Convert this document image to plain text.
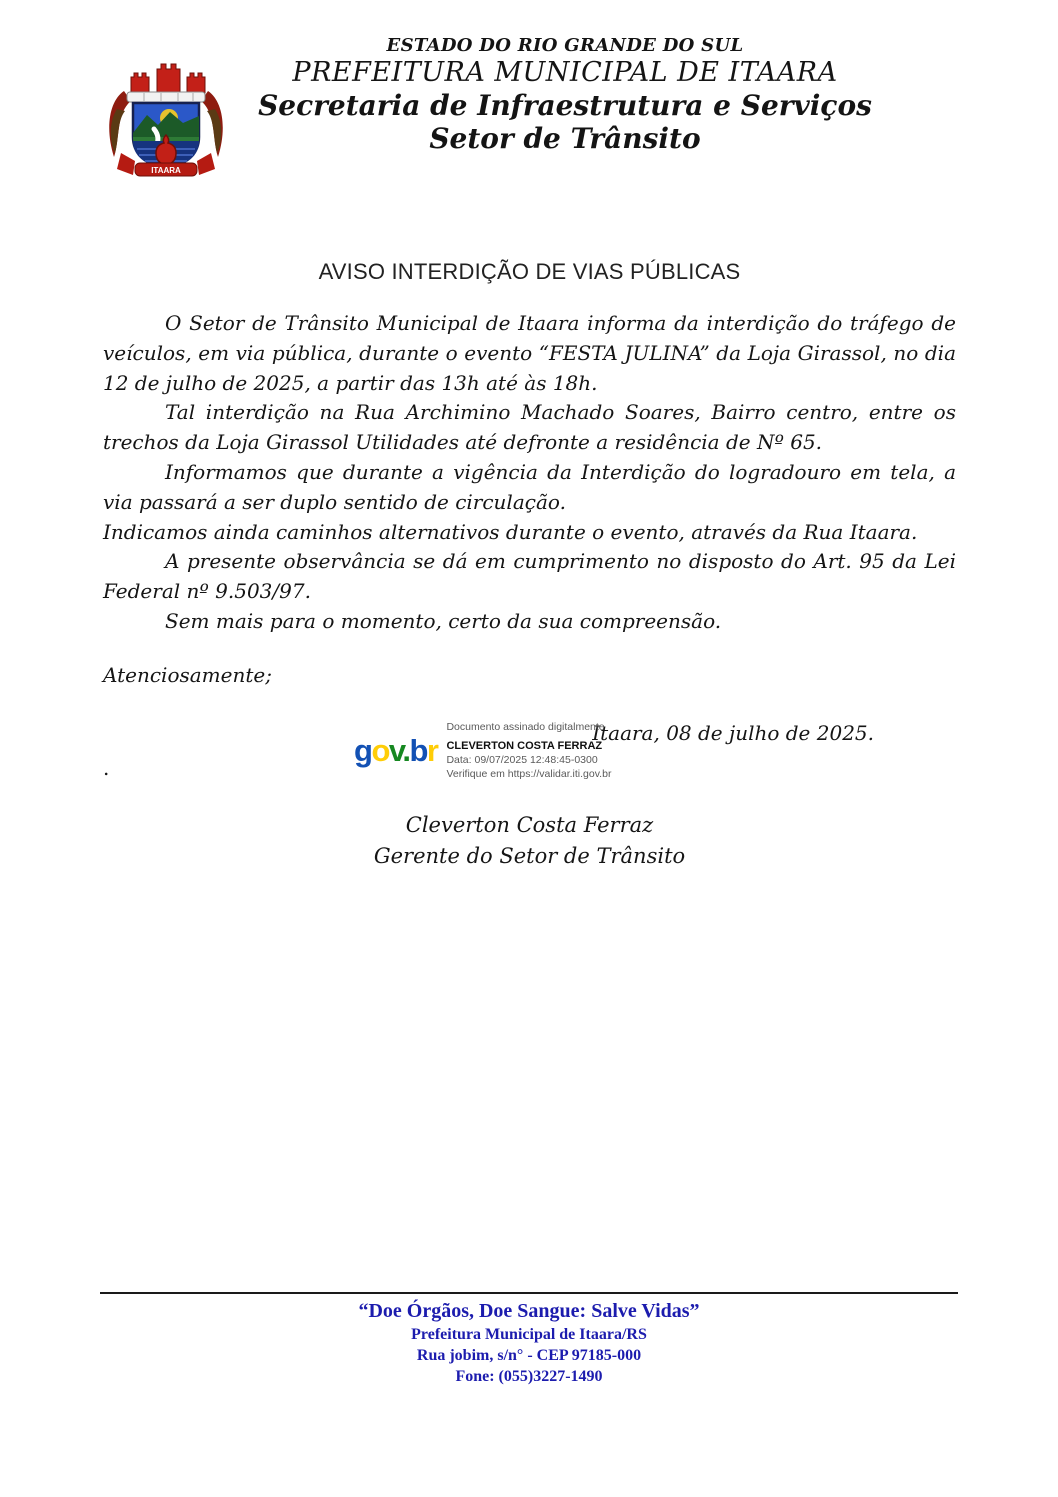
ITAARA
ESTADO DO RIO GRANDE DO SUL
PREFEITURA MUNICIPAL DE ITAARA
Secretaria de Infraestrutura e Serviços
Setor de Trânsito
AVISO INTERDIÇÃO DE VIAS PÚBLICAS

O Setor de Trânsito Municipal de Itaara informa da interdição do tráfego de veículos, em via pública, durante o evento “FESTA JULINA” da Loja Girassol, no dia 12 de julho de 2025, a partir das 13h até às 18h.

Tal interdição na Rua Archimino Machado Soares, Bairro centro, entre os trechos da Loja Girassol Utilidades até defronte a residência de Nº 65.

Informamos que durante a vigência da Interdição do logradouro em tela, a via passará a ser duplo sentido de circulação.

Indicamos ainda caminhos alternativos durante o evento, através da Rua Itaara.

A presente observância se dá em cumprimento no disposto do Art. 95 da Lei Federal nº 9.503/97.

Sem mais para o momento, certo da sua compreensão.

Atenciosamente;

Itaara, 08 de julho de 2025.

.

gov.br
Documento assinado digitalmente
CLEVERTON COSTA FERRAZ
Data: 09/07/2025 12:48:45-0300
Verifique em https://validar.iti.gov.br
Cleverton Costa Ferraz
Gerente do Setor de Trânsito
“Doe Órgãos, Doe Sangue: Salve Vidas”
Prefeitura Municipal de Itaara/RS
Rua jobim, s/n° - CEP 97185-000
Fone: (055)3227-1490
